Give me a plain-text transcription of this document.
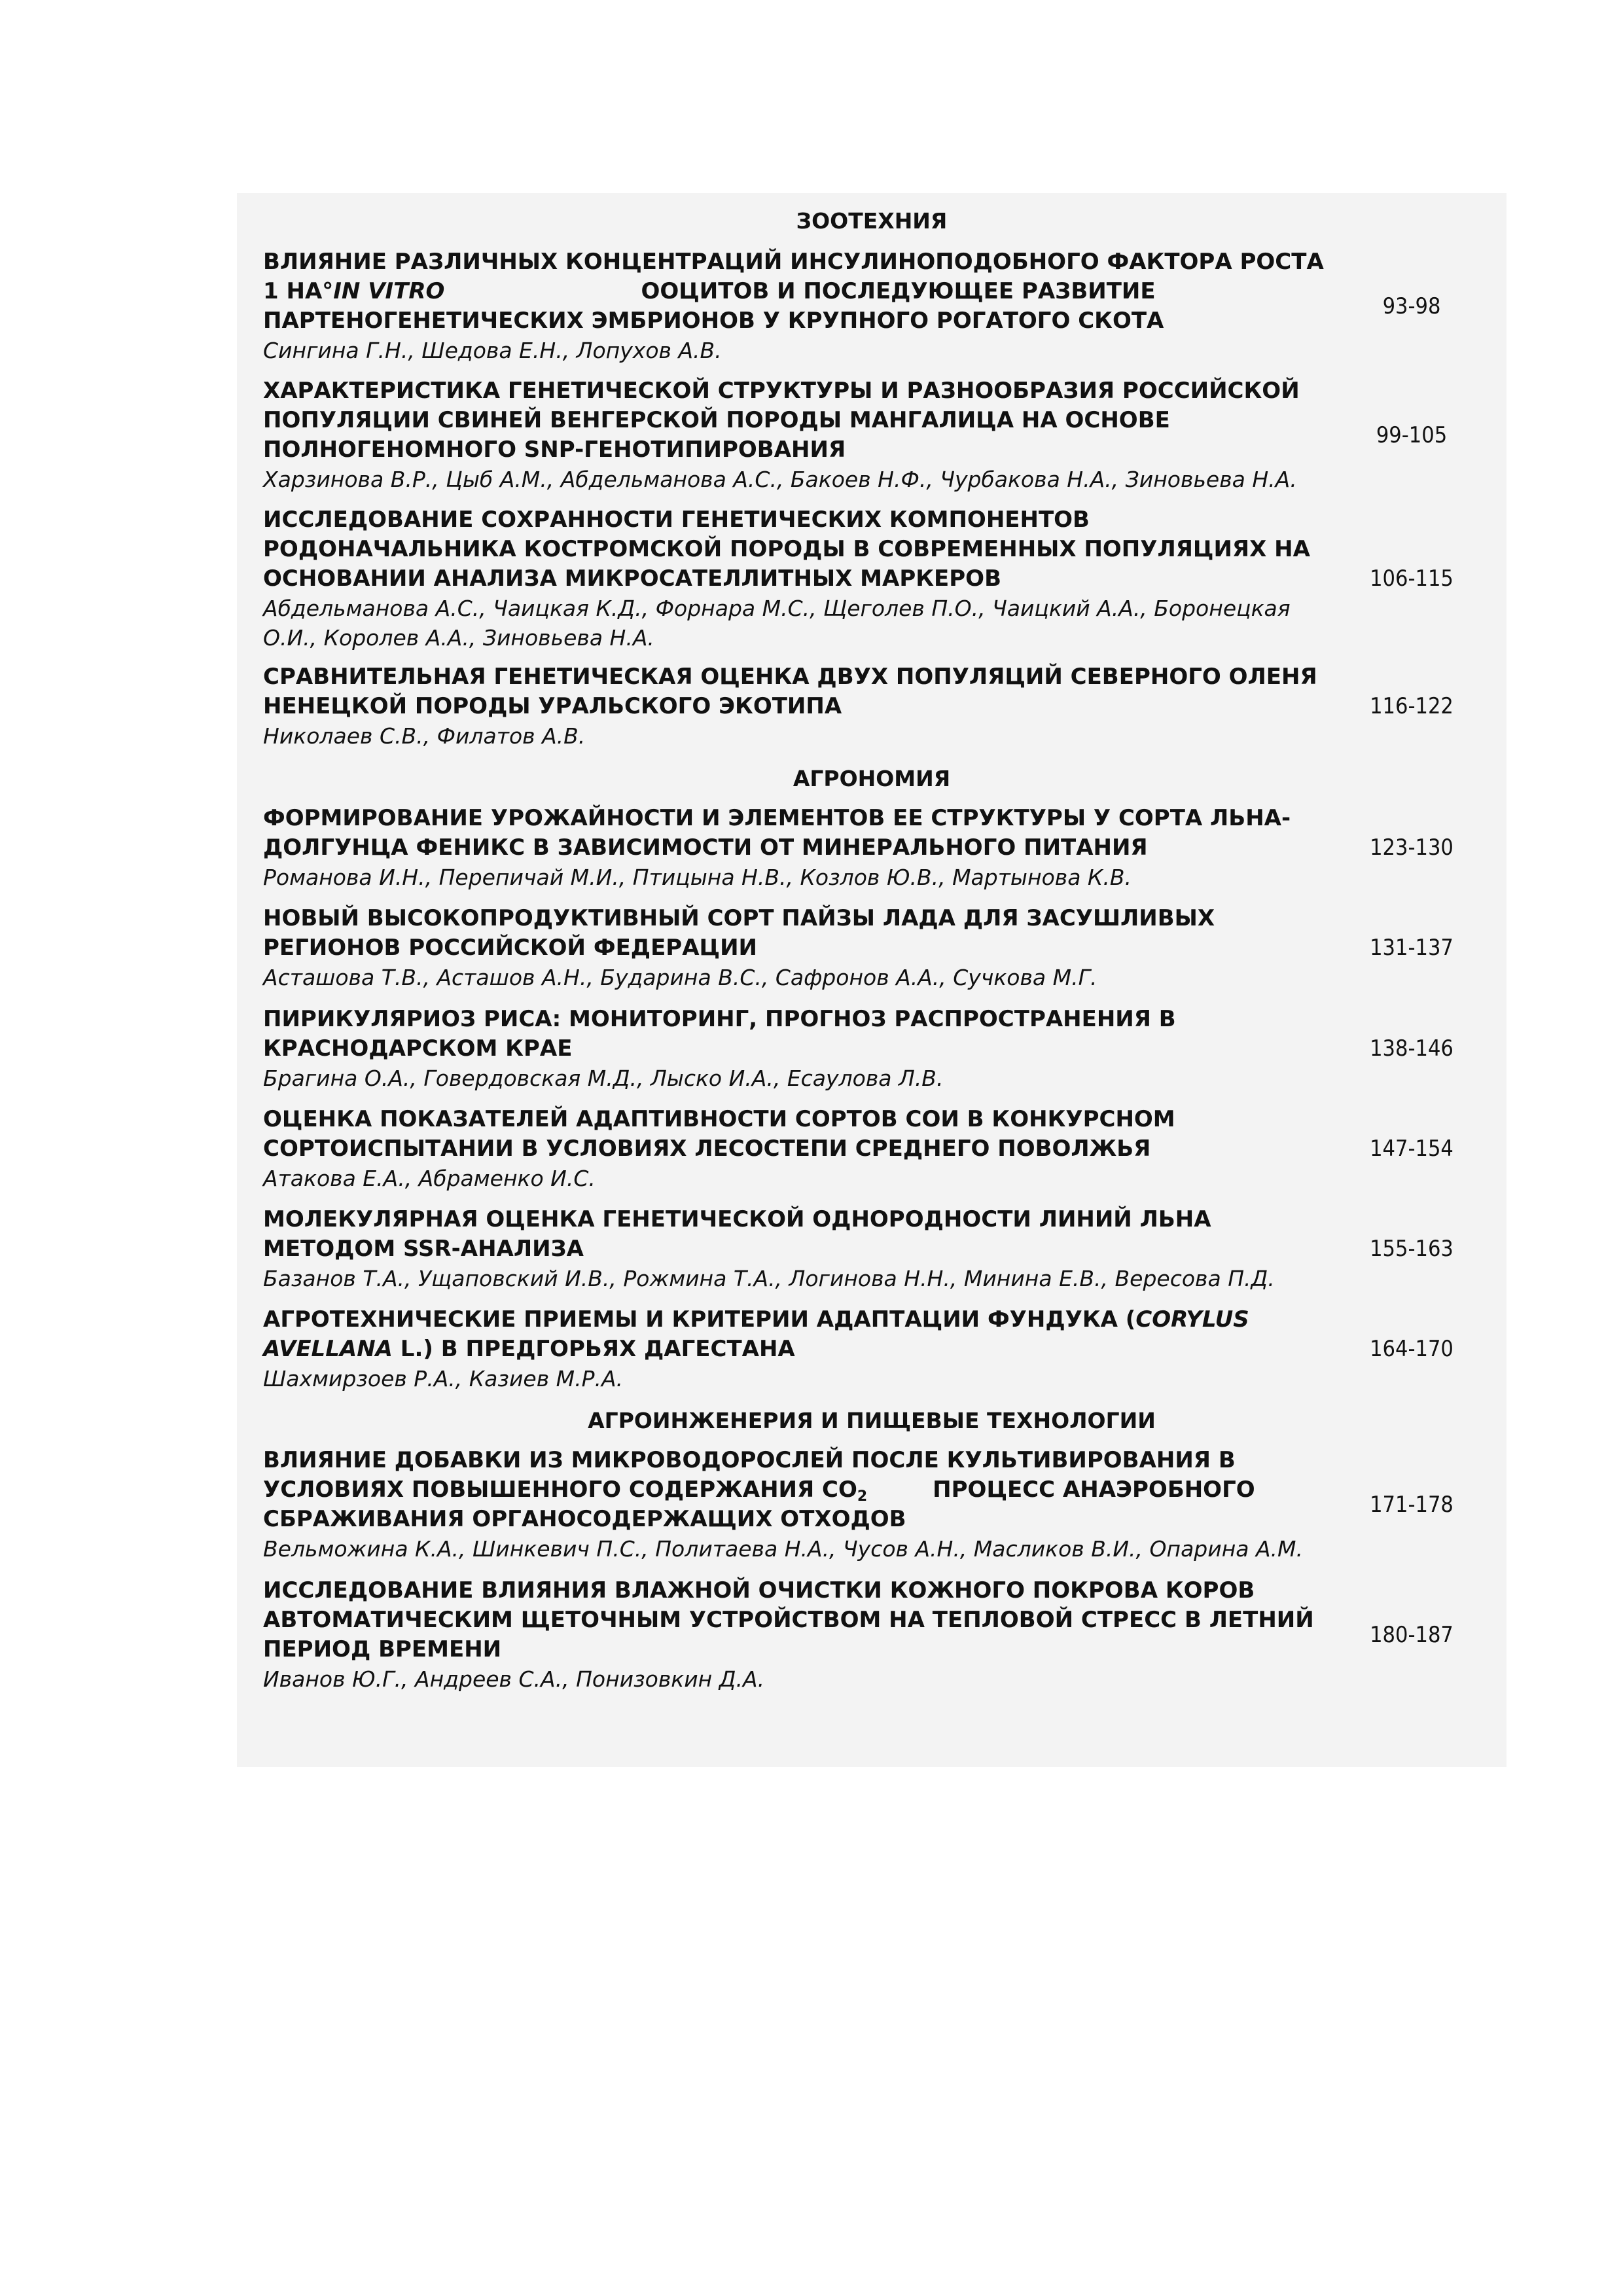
ЗООТЕХНИЯ
ВЛИЯНИЕ РАЗЛИЧНЫХ КОНЦЕНТРАЦИЙ ИНСУЛИНОПОДОБНОГО ФАКТОРА РОСТА
1 НА°IN VITRO	ООЦИТОВ И ПОСЛЕДУЮЩЕЕ РАЗВИТИЕ
ПАРТЕНОГЕНЕТИЧЕСКИХ ЭМБРИОНОВ У КРУПНОГО РОГАТОГО СКОТА
Сингина Г.Н., Шедова Е.Н., Лопухов А.В.
93-98
ХАРАКТЕРИСТИКА ГЕНЕТИЧЕСКОЙ СТРУКТУРЫ И РАЗНООБРАЗИЯ РОССИЙСКОЙ
ПОПУЛЯЦИИ СВИНЕЙ ВЕНГЕРСКОЙ ПОРОДЫ МАНГАЛИЦА НА ОСНОВЕ
ПОЛНОГЕНОМНОГО SNP-ГЕНОТИПИРОВАНИЯ
Харзинова В.Р., Цыб А.М., Абдельманова А.С., Бакоев Н.Ф., Чурбакова Н.А., Зиновьева Н.А.
99-105
ИССЛЕДОВАНИЕ СОХРАННОСТИ ГЕНЕТИЧЕСКИХ КОМПОНЕНТОВ
РОДОНАЧАЛЬНИКА КОСТРОМСКОЙ ПОРОДЫ В СОВРЕМЕННЫХ ПОПУЛЯЦИЯХ НА
ОСНОВАНИИ АНАЛИЗА МИКРОСАТЕЛЛИТНЫХ МАРКЕРОВ
Абдельманова А.С., Чаицкая К.Д., Форнара М.С., Щеголев П.О., Чаицкий А.А., Боронецкая
О.И., Королев А.А., Зиновьева Н.А.
106-115
СРАВНИТЕЛЬНАЯ ГЕНЕТИЧЕСКАЯ ОЦЕНКА ДВУХ ПОПУЛЯЦИЙ СЕВЕРНОГО ОЛЕНЯ
НЕНЕЦКОЙ ПОРОДЫ УРАЛЬСКОГО ЭКОТИПА
Николаев С.В., Филатов А.В.
116-122
АГРОНОМИЯ
ФОРМИРОВАНИЕ УРОЖАЙНОСТИ И ЭЛЕМЕНТОВ ЕЕ СТРУКТУРЫ У СОРТА ЛЬНА-
ДОЛГУНЦА ФЕНИКС В ЗАВИСИМОСТИ ОТ МИНЕРАЛЬНОГО ПИТАНИЯ
Романова И.Н., Перепичай М.И., Птицына Н.В., Козлов Ю.В., Мартынова К.В.
123-130
НОВЫЙ ВЫСОКОПРОДУКТИВНЫЙ СОРТ ПАЙЗЫ ЛАДА ДЛЯ ЗАСУШЛИВЫХ
РЕГИОНОВ РОССИЙСКОЙ ФЕДЕРАЦИИ
Асташова Т.В., Асташов А.Н., Бударина В.С., Сафронов А.А., Сучкова М.Г.
131-137
ПИРИКУЛЯРИОЗ РИСА: МОНИТОРИНГ, ПРОГНОЗ РАСПРОСТРАНЕНИЯ В
КРАСНОДАРСКОМ КРАЕ
Брагина О.А., Говердовская М.Д., Лыско И.А., Есаулова Л.В.
138-146
ОЦЕНКА ПОКАЗАТЕЛЕЙ АДАПТИВНОСТИ СОРТОВ СОИ В КОНКУРСНОМ
СОРТОИСПЫТАНИИ В УСЛОВИЯХ ЛЕСОСТЕПИ СРЕДНЕГО ПОВОЛЖЬЯ
Атакова Е.А., Абраменко И.С.
147-154
МОЛЕКУЛЯРНАЯ ОЦЕНКА ГЕНЕТИЧЕСКОЙ ОДНОРОДНОСТИ ЛИНИЙ ЛЬНА
МЕТОДОМ SSR-АНАЛИЗА
Базанов Т.А., Ущаповский И.В., Рожмина Т.А., Логинова Н.Н., Минина Е.В., Вересова П.Д.
155-163
АГРОТЕХНИЧЕСКИЕ ПРИЕМЫ И КРИТЕРИИ АДАПТАЦИИ ФУНДУКА (CORYLUS
AVELLANA L.) В ПРЕДГОРЬЯХ ДАГЕСТАНА
Шахмирзоев Р.А., Казиев М.Р.А.
164-170
АГРОИНЖЕНЕРИЯ И ПИЩЕВЫЕ ТЕХНОЛОГИИ
ВЛИЯНИЕ ДОБАВКИ ИЗ МИКРОВОДОРОСЛЕЙ ПОСЛЕ КУЛЬТИВИРОВАНИЯ В
УСЛОВИЯХ ПОВЫШЕННОГО СОДЕРЖАНИЯ $СО_2$	ПРОЦЕСС АНАЭРОБНОГО
СБРАЖИВАНИЯ ОРГАНОСОДЕРЖАЩИХ ОТХОДОВ
Вельможина К.А., Шинкевич П.С., Политаева Н.А., Чусов А.Н., Масликов В.И., Опарина А.М.
171-178
ИССЛЕДОВАНИЕ ВЛИЯНИЯ ВЛАЖНОЙ ОЧИСТКИ КОЖНОГО ПОКРОВА КОРОВ
АВТОМАТИЧЕСКИМ ЩЕТОЧНЫМ УСТРОЙСТВОМ НА ТЕПЛОВОЙ СТРЕСС В ЛЕТНИЙ
ПЕРИОД ВРЕМЕНИ
Иванов Ю.Г., Андреев С.А., Понизовкин Д.А.
180-187
